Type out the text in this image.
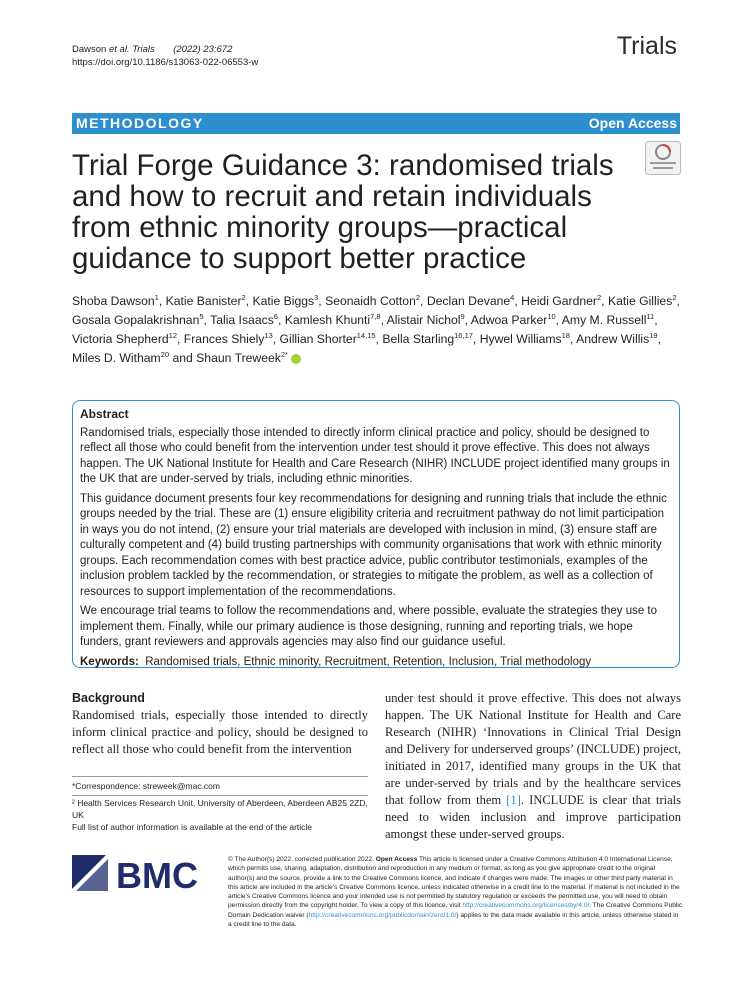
Dawson et al. Trials (2022) 23:672
https://doi.org/10.1186/s13063-022-06553-w
Trials
METHODOLOGY	Open Access
Trial Forge Guidance 3: randomised trials and how to recruit and retain individuals from ethnic minority groups—practical guidance to support better practice
Shoba Dawson$^1$, Katie Banister$^2$, Katie Biggs$^3$, Seonaidh Cotton$^2$, Declan Devane$^4$, Heidi Gardner$^2$, Katie Gillies$^2$, Gosala Gopalakrishnan$^5$, Talia Isaacs$^6$, Kamlesh Khunti$^{7,8}$, Alistair Nichol$^9$, Adwoa Parker$^{10}$, Amy M. Russell$^{11}$, Victoria Shepherd$^{12}$, Frances Shiely$^{13}$, Gillian Shorter$^{14,15}$, Bella Starling$^{16,17}$, Hywel Williams$^{18}$, Andrew Willis$^{19}$, Miles D. Witham$^{20}$ and Shaun Treweek$^{2*}$
Abstract

Randomised trials, especially those intended to directly inform clinical practice and policy, should be designed to reflect all those who could benefit from the intervention under test should it prove effective. This does not always happen. The UK National Institute for Health and Care Research (NIHR) INCLUDE project identified many groups in the UK that are under-served by trials, including ethnic minorities.

This guidance document presents four key recommendations for designing and running trials that include the ethnic groups needed by the trial. These are (1) ensure eligibility criteria and recruitment pathway do not limit participation in ways you do not intend, (2) ensure your trial materials are developed with inclusion in mind, (3) ensure staff are culturally competent and (4) build trusting partnerships with community organisations that work with ethnic minority groups. Each recommendation comes with best practice advice, public contributor testimonials, examples of the inclusion problem tackled by the recommendation, or strategies to mitigate the problem, as well as a collection of resources to support implementation of the recommendations.

We encourage trial teams to follow the recommendations and, where possible, evaluate the strategies they use to implement them. Finally, while our primary audience is those designing, running and reporting trials, we hope funders, grant reviewers and approvals agencies may also find our guidance useful.

Keywords: Randomised trials, Ethnic minority, Recruitment, Retention, Inclusion, Trial methodology

Background

Randomised trials, especially those intended to directly inform clinical practice and policy, should be designed to reflect all those who could benefit from the intervention

under test should it prove effective. This does not always happen. The UK National Institute for Health and Care Research (NIHR) ‘Innovations in Clinical Trial Design and Delivery for underserved groups’ (INCLUDE) project, initiated in 2017, identified many groups in the UK that are under-served by trials and by the healthcare services that follow from them [1]. INCLUDE is clear that trials need to widen inclusion and improve participation amongst these under-served groups.

*Correspondence: streweek@mac.com
² Health Services Research Unit, University of Aberdeen, Aberdeen AB25 2ZD, UK
Full list of author information is available at the end of the article
BMC	© The Author(s) 2022, corrected publication 2022. Open Access This article is licensed under a Creative Commons Attribution 4.0 International License, which permits use, sharing, adaptation, distribution and reproduction in any medium or format, as long as you give appropriate credit to the original author(s) and the source, provide a link to the Creative Commons licence, and indicate if changes were made. The images or other third party material in this article are included in the article's Creative Commons licence, unless indicated otherwise in a credit line to the material. If material is not included in the article's Creative Commons licence and your intended use is not permitted by statutory regulation or exceeds the permitted use, you will need to obtain permission directly from the copyright holder. To view a copy of this licence, visit http://creativecommons.org/licenses/by/4.0/. The Creative Commons Public Domain Dedication waiver (http://creativecommons.org/publicdomain/zero/1.0/) applies to the data made available in this article, unless otherwise stated in a credit line to the data.
